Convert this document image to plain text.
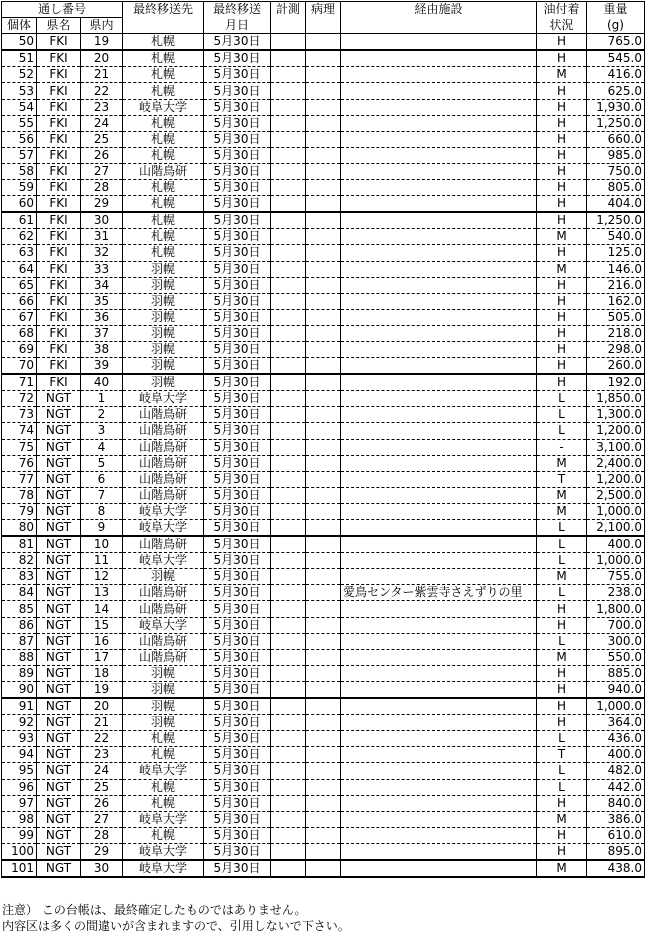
通し番号			最終移送先	最終移送	計測	病理	経由施設	油付着	重量
個体	県名	県内		月日				状況	(g)
50	FKI	19	札幌	5月30日				H	765.0
51	FKI	20	札幌	5月30日				H	545.0
52	FKI	21	札幌	5月30日				M	416.0
53	FKI	22	札幌	5月30日				H	625.0
54	FKI	23	岐阜大学	5月30日				H	1,930.0
55	FKI	24	札幌	5月30日				H	1,250.0
56	FKI	25	札幌	5月30日				H	660.0
57	FKI	26	札幌	5月30日				H	985.0
58	FKI	27	山階鳥研	5月30日				H	750.0
59	FKI	28	札幌	5月30日				H	805.0
60	FKI	29	札幌	5月30日				H	404.0
61	FKI	30	札幌	5月30日				H	1,250.0
62	FKI	31	札幌	5月30日				M	540.0
63	FKI	32	札幌	5月30日				H	125.0
64	FKI	33	羽幌	5月30日				M	146.0
65	FKI	34	羽幌	5月30日				H	216.0
66	FKI	35	羽幌	5月30日				H	162.0
67	FKI	36	羽幌	5月30日				H	505.0
68	FKI	37	羽幌	5月30日				H	218.0
69	FKI	38	羽幌	5月30日				H	298.0
70	FKI	39	羽幌	5月30日				H	260.0
71	FKI	40	羽幌	5月30日				H	192.0
72	NGT	1	岐阜大学	5月30日				L	1,850.0
73	NGT	2	山階鳥研	5月30日				L	1,300.0
74	NGT	3	山階鳥研	5月30日				L	1,200.0
75	NGT	4	山階鳥研	5月30日				-	3,100.0
76	NGT	5	山階鳥研	5月30日				M	2,400.0
77	NGT	6	山階鳥研	5月30日				T	1,200.0
78	NGT	7	山階鳥研	5月30日				M	2,500.0
79	NGT	8	岐阜大学	5月30日				M	1,000.0
80	NGT	9	岐阜大学	5月30日				L	2,100.0
81	NGT	10	山階鳥研	5月30日				L	400.0
82	NGT	11	岐阜大学	5月30日				L	1,000.0
83	NGT	12	羽幌	5月30日				M	755.0
84	NGT	13	山階鳥研	5月30日			愛鳥センター紫雲寺さえずりの里	L	238.0
85	NGT	14	山階鳥研	5月30日				H	1,800.0
86	NGT	15	岐阜大学	5月30日				H	700.0
87	NGT	16	山階鳥研	5月30日				L	300.0
88	NGT	17	山階鳥研	5月30日				M	550.0
89	NGT	18	羽幌	5月30日				H	885.0
90	NGT	19	羽幌	5月30日				H	940.0
91	NGT	20	羽幌	5月30日				H	1,000.0
92	NGT	21	羽幌	5月30日				H	364.0
93	NGT	22	札幌	5月30日				L	436.0
94	NGT	23	札幌	5月30日				T	400.0
95	NGT	24	岐阜大学	5月30日				L	482.0
96	NGT	25	札幌	5月30日				L	442.0
97	NGT	26	札幌	5月30日				H	840.0
98	NGT	27	岐阜大学	5月30日				M	386.0
99	NGT	28	札幌	5月30日				H	610.0
100	NGT	29	岐阜大学	5月30日				H	895.0
101	NGT	30	岐阜大学	5月30日				M	438.0
注意） この台帳は、最終確定したものではありません。
内容区は多くの間違いが含まれますので、引用しないで下さい。
